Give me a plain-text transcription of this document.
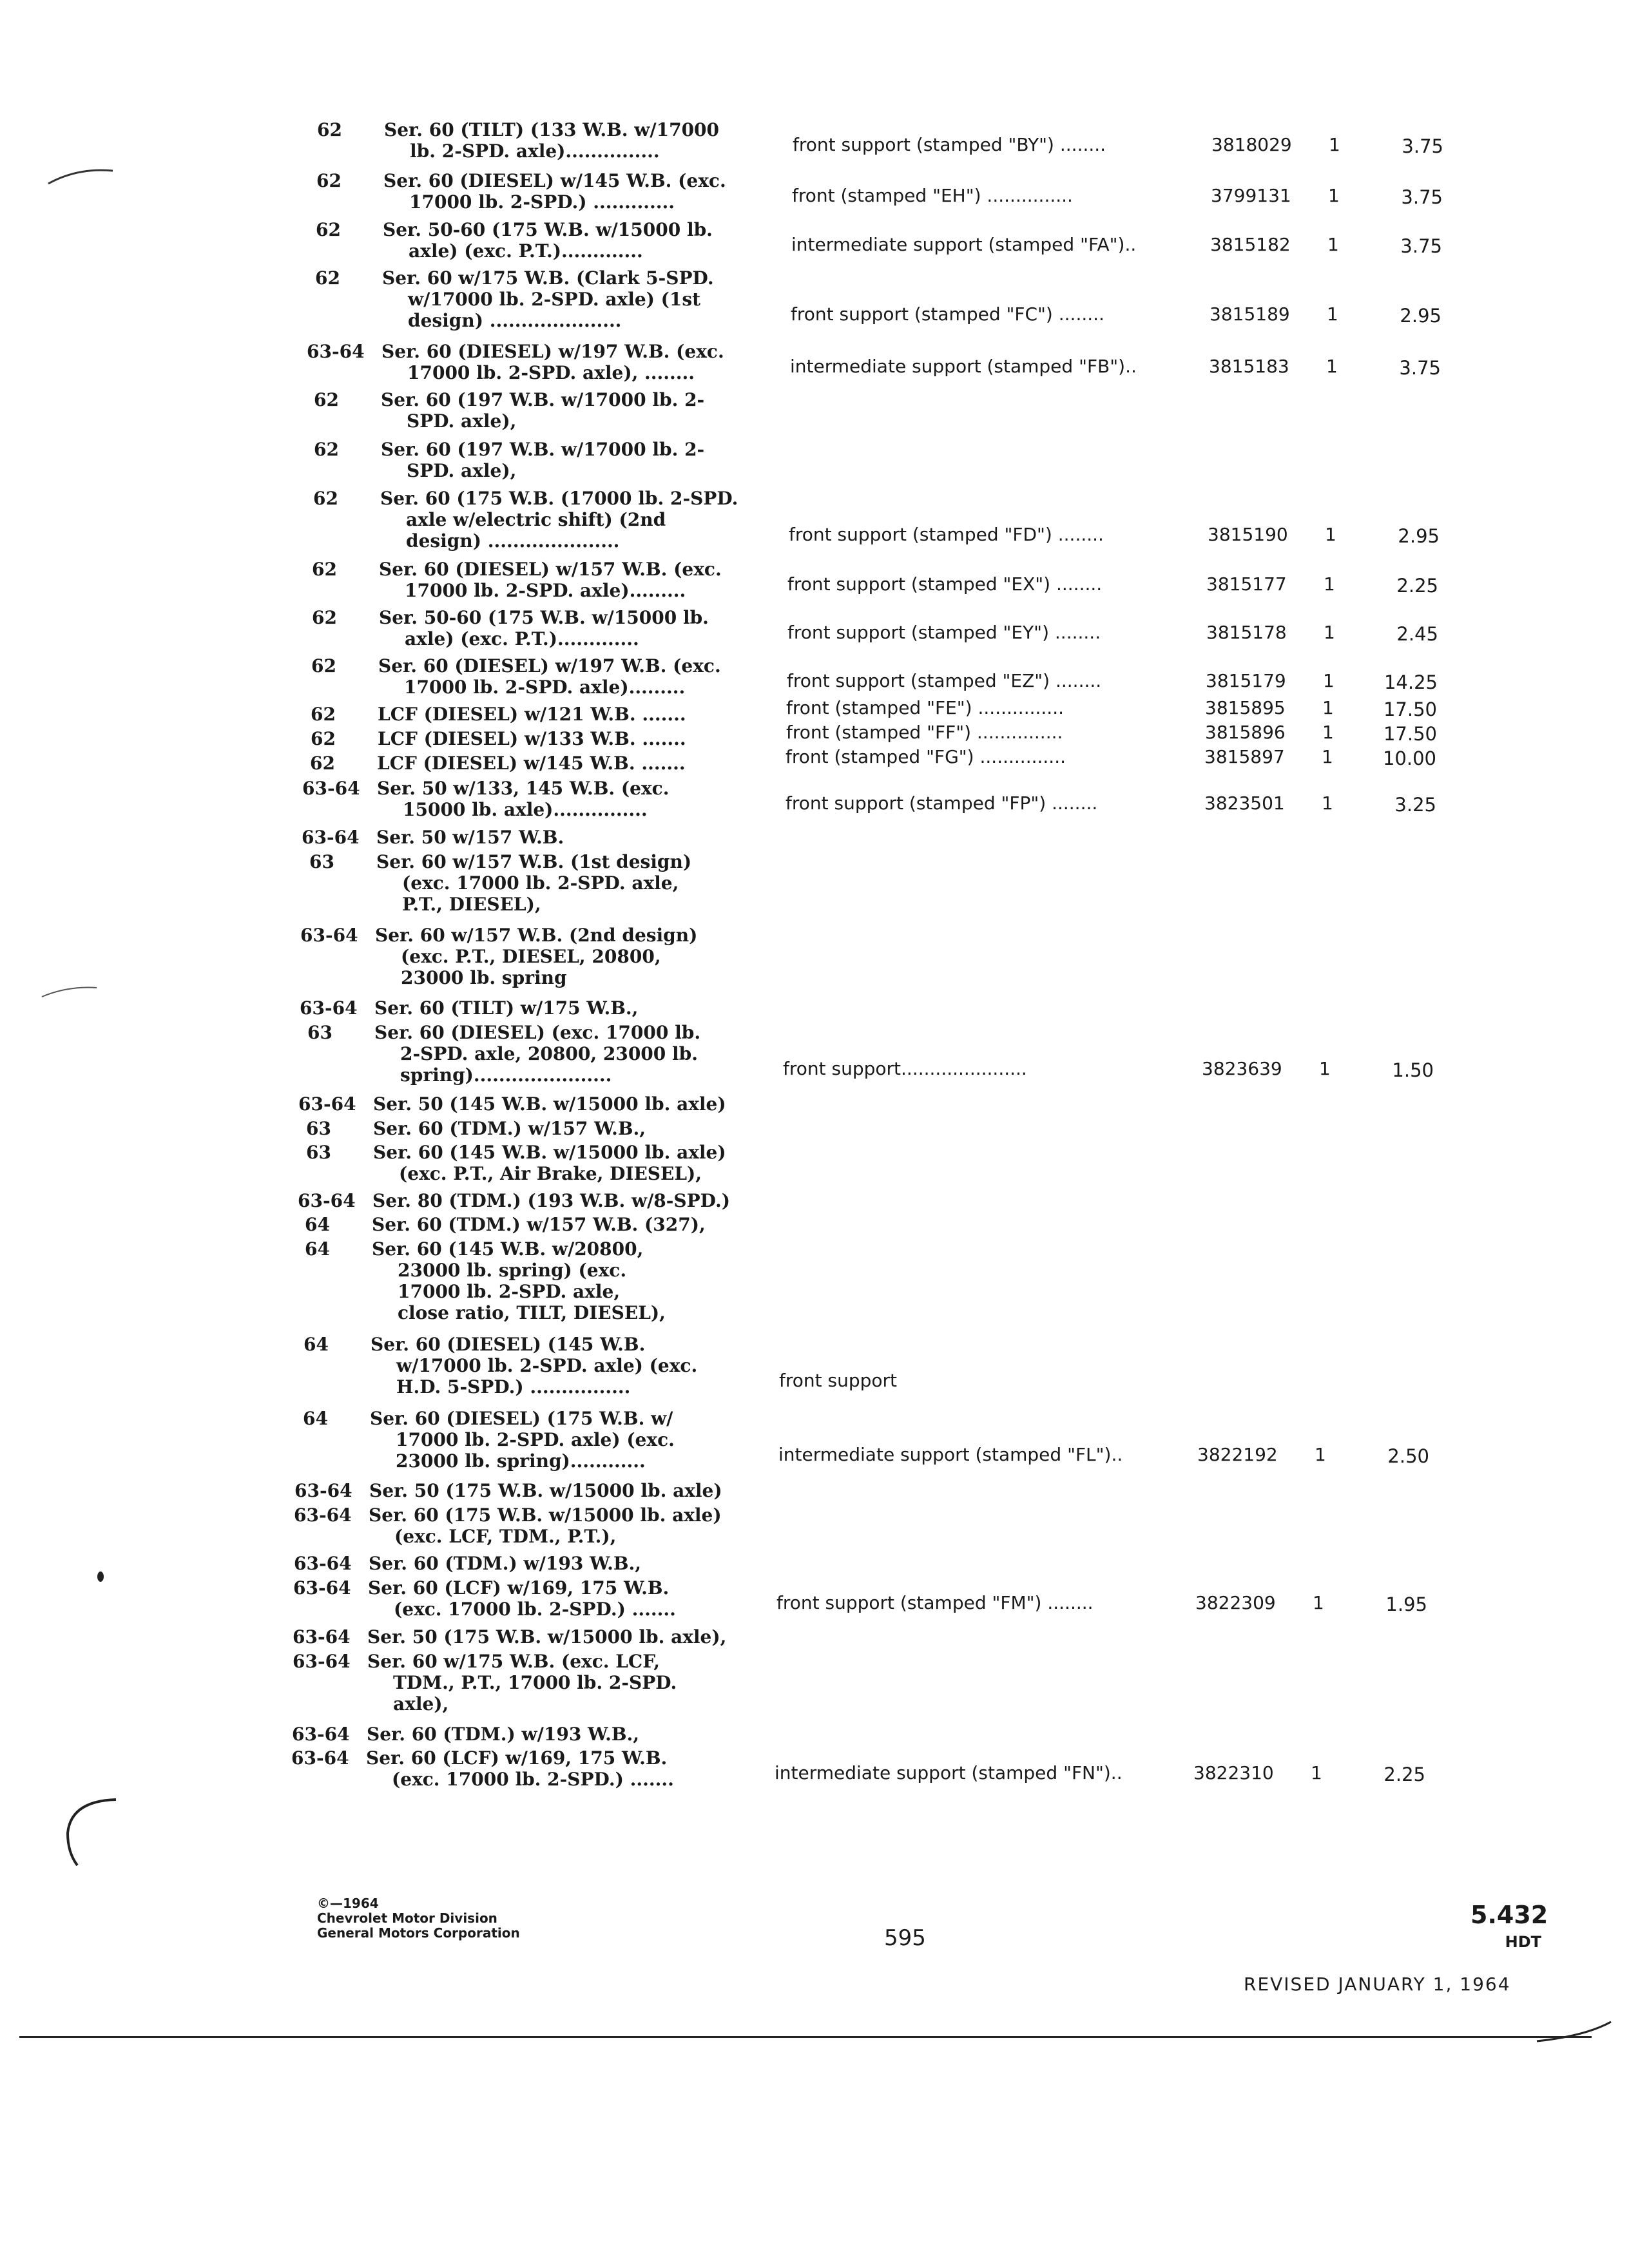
62 Ser. 60 (TILT) (133 W.B. w/17000
lb. 2-SPD. axle)...............	front support (stamped "BY") ........	3818029 1	3.75
62 Ser. 60 (DIESEL) w/145 W.B. (exc.
17000 lb. 2-SPD.) .............	front (stamped "EH") ...............	3799131 1	3.75
62 Ser. 50-60 (175 W.B. w/15000 lb.
axle) (exc. P.T.).............	intermediate support (stamped "FA")..	3815182 1	3.75
62 Ser. 60 w/175 W.B. (Clark 5-SPD.
w/17000 lb. 2-SPD. axle) (1st
design) .....................	front support (stamped "FC") ........	3815189 1	2.95
63-64 Ser. 60 (DIESEL) w/197 W.B. (exc.
17000 lb. 2-SPD. axle), ........	intermediate support (stamped "FB")..	3815183 1	3.75
62 Ser. 60 (197 W.B. w/17000 lb. 2-
SPD. axle),
62 Ser. 60 (197 W.B. w/17000 lb. 2-
SPD. axle),
62 Ser. 60 (175 W.B. (17000 lb. 2-SPD.
axle w/electric shift) (2nd
design) .....................	front support (stamped "FD") ........	3815190 1	2.95
62 Ser. 60 (DIESEL) w/157 W.B. (exc.
17000 lb. 2-SPD. axle).........	front support (stamped "EX") ........	3815177 1	2.25
62 Ser. 50-60 (175 W.B. w/15000 lb.
axle) (exc. P.T.).............	front support (stamped "EY") ........	3815178 1	2.45
62 Ser. 60 (DIESEL) w/197 W.B. (exc.
17000 lb. 2-SPD. axle).........	front support (stamped "EZ") ........	3815179 1	14.25
62 LCF (DIESEL) w/121 W.B. .......	front (stamped "FE") ...............	3815895 1	17.50
62 LCF (DIESEL) w/133 W.B. .......	front (stamped "FF") ...............	3815896 1	17.50
62 LCF (DIESEL) w/145 W.B. .......	front (stamped "FG") ...............	3815897 1	10.00
63-64 Ser. 50 w/133, 145 W.B. (exc.
15000 lb. axle)...............	front support (stamped "FP") ........	3823501 1	3.25
63-64 Ser. 50 w/157 W.B.
63 Ser. 60 w/157 W.B. (1st design)
(exc. 17000 lb. 2-SPD. axle,
P.T., DIESEL),
63-64 Ser. 60 w/157 W.B. (2nd design)
(exc. P.T., DIESEL, 20800,
23000 lb. spring
63-64 Ser. 60 (TILT) w/175 W.B.,
63 Ser. 60 (DIESEL) (exc. 17000 lb.
2-SPD. axle, 20800, 23000 lb.
spring)......................	front support......................	3823639 1	1.50
63-64 Ser. 50 (145 W.B. w/15000 lb. axle)
63 Ser. 60 (TDM.) w/157 W.B.,
63 Ser. 60 (145 W.B. w/15000 lb. axle)
(exc. P.T., Air Brake, DIESEL),
63-64 Ser. 80 (TDM.) (193 W.B. w/8-SPD.)
64 Ser. 60 (TDM.) w/157 W.B. (327),
64 Ser. 60 (145 W.B. w/20800,
23000 lb. spring) (exc.
17000 lb. 2-SPD. axle,
close ratio, TILT, DIESEL),
64 Ser. 60 (DIESEL) (145 W.B.
w/17000 lb. 2-SPD. axle) (exc.
H.D. 5-SPD.) ................	front support
64 Ser. 60 (DIESEL) (175 W.B. w/
17000 lb. 2-SPD. axle) (exc.
23000 lb. spring)............	intermediate support (stamped "FL")..	3822192 1	2.50
63-64 Ser. 50 (175 W.B. w/15000 lb. axle)
63-64 Ser. 60 (175 W.B. w/15000 lb. axle)
(exc. LCF, TDM., P.T.),
63-64 Ser. 60 (TDM.) w/193 W.B.,
63-64 Ser. 60 (LCF) w/169, 175 W.B.
(exc. 17000 lb. 2-SPD.) .......	front support (stamped "FM") ........	3822309 1	1.95
63-64 Ser. 50 (175 W.B. w/15000 lb. axle),
63-64 Ser. 60 w/175 W.B. (exc. LCF,
TDM., P.T., 17000 lb. 2-SPD.
axle),
63-64 Ser. 60 (TDM.) w/193 W.B.,
63-64 Ser. 60 (LCF) w/169, 175 W.B.
(exc. 17000 lb. 2-SPD.) .......	intermediate support (stamped "FN")..	3822310 1	2.25
©—1964
Chevrolet Motor Division
General Motors Corporation	595
5.432
HDT
REVISED JANUARY 1, 1964
